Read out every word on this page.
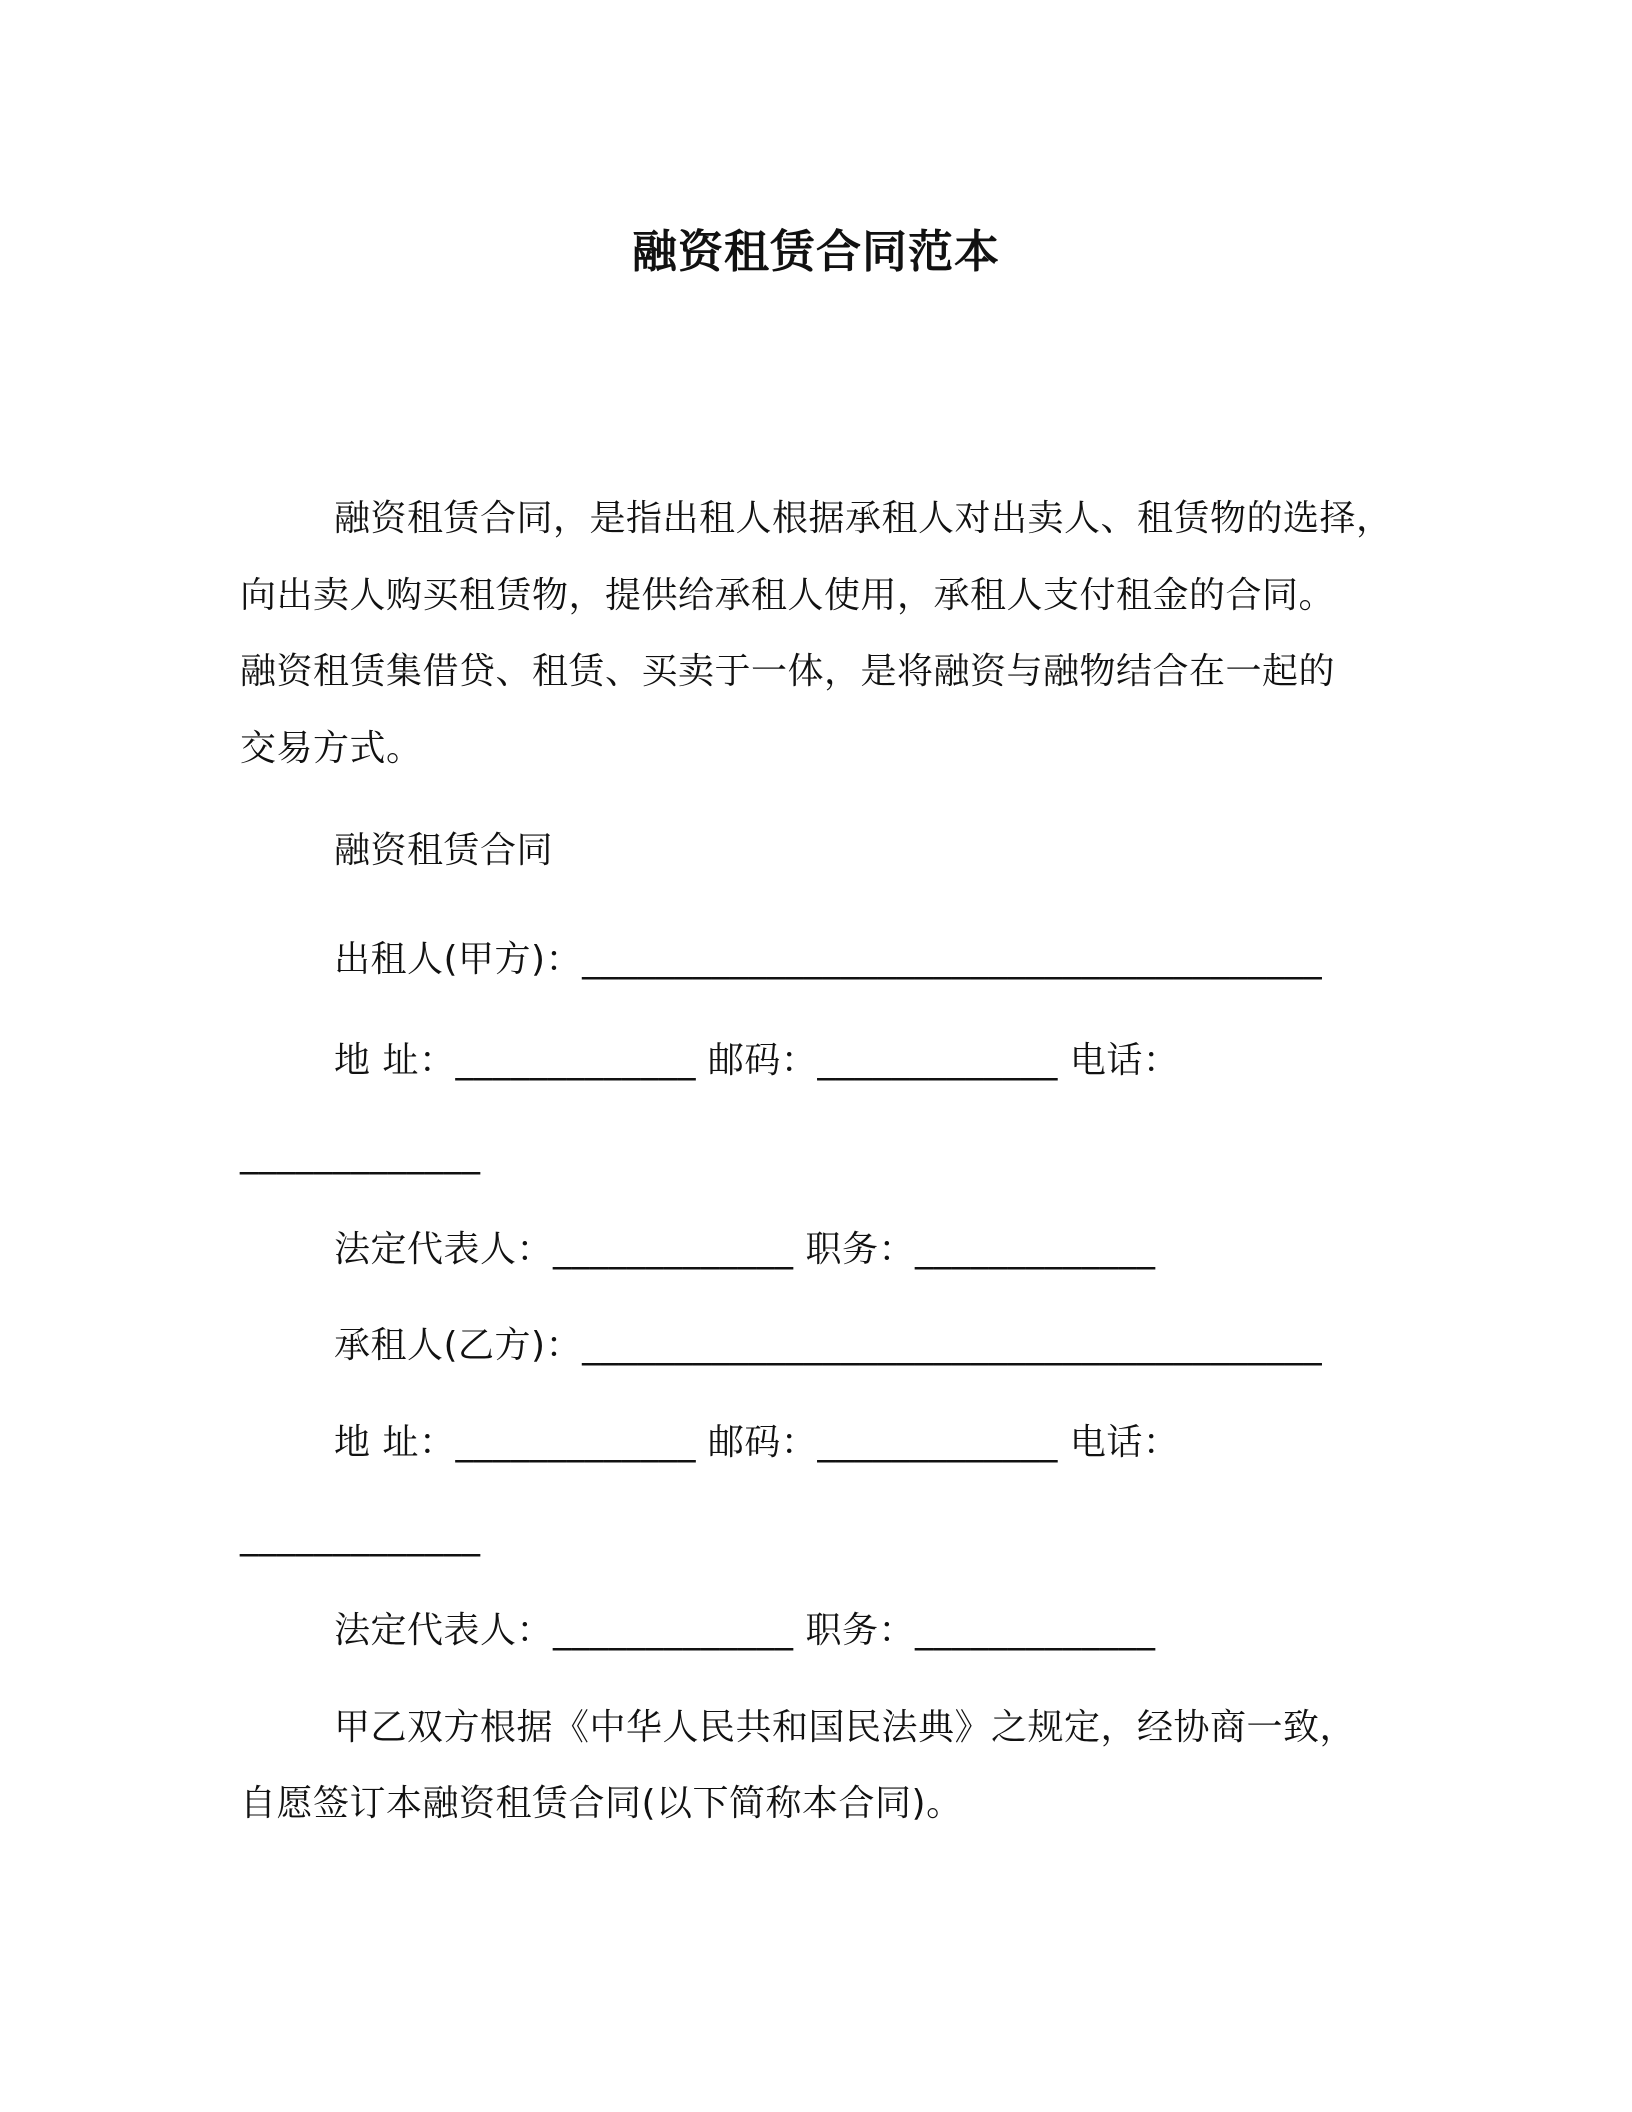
融资租赁合同范本
融资租赁合同，是指出租人根据承租人对出卖人、租赁物的选择，
向出卖人购买租赁物，提供给承租人使用，承租人支付租金的合同。
融资租赁集借贷、租赁、买卖于一体，是将融资与融物结合在一起的
交易方式。
融资租赁合同
出租人(甲方)：________________________________________
地 址：_____________ 邮码：_____________ 电话：
_____________
法定代表人：_____________ 职务：_____________
承租人(乙方)：________________________________________
地 址：_____________ 邮码：_____________ 电话：
_____________
法定代表人：_____________ 职务：_____________
甲乙双方根据《中华人民共和国民法典》之规定，经协商一致，
自愿签订本融资租赁合同(以下简称本合同)。
